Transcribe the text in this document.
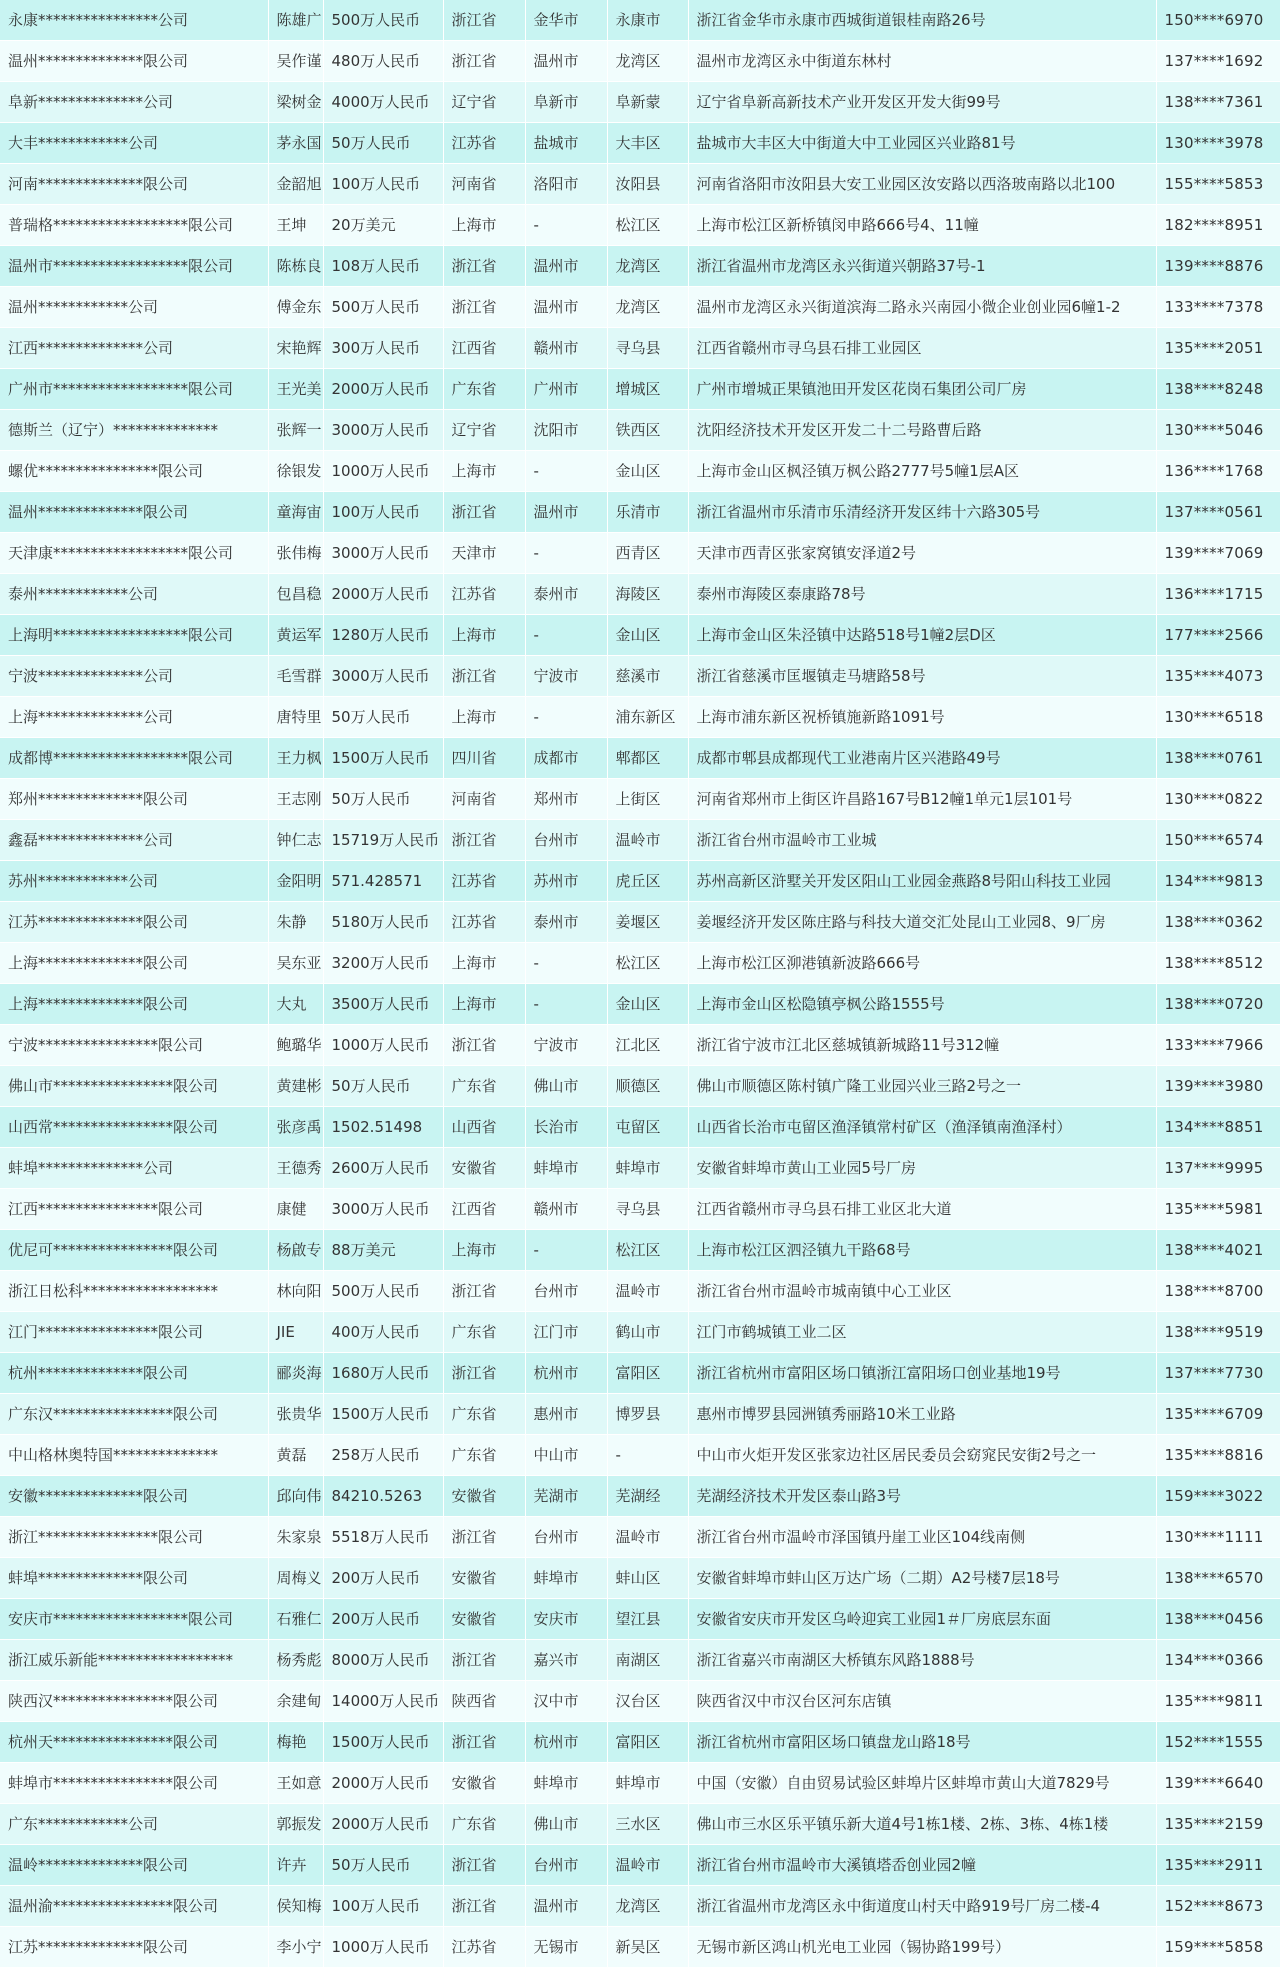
永康****************公司	陈雄广	500万人民币	浙江省	金华市	永康市	浙江省金华市永康市西城街道银桂南路26号	150****6970
温州**************限公司	吴作谨	480万人民币	浙江省	温州市	龙湾区	温州市龙湾区永中街道东林村	137****1692
阜新**************公司	梁树金	4000万人民币	辽宁省	阜新市	阜新蒙	辽宁省阜新高新技术产业开发区开发大街99号	138****7361
大丰************公司	茅永国	50万人民币	江苏省	盐城市	大丰区	盐城市大丰区大中街道大中工业园区兴业路81号	130****3978
河南**************限公司	金韶旭	100万人民币	河南省	洛阳市	汝阳县	河南省洛阳市汝阳县大安工业园区汝安路以西洛玻南路以北100	155****5853
普瑞格******************限公司	王坤	20万美元	上海市	-	松江区	上海市松江区新桥镇闵申路666号4、11幢	182****8951
温州市******************限公司	陈栋良	108万人民币	浙江省	温州市	龙湾区	浙江省温州市龙湾区永兴街道兴朝路37号-1	139****8876
温州************公司	傅金东	500万人民币	浙江省	温州市	龙湾区	温州市龙湾区永兴街道滨海二路永兴南园小微企业创业园6幢1-2	133****7378
江西**************公司	宋艳辉	300万人民币	江西省	赣州市	寻乌县	江西省赣州市寻乌县石排工业园区	135****2051
广州市******************限公司	王光美	2000万人民币	广东省	广州市	增城区	广州市增城正果镇池田开发区花岗石集团公司厂房	138****8248
德斯兰（辽宁）**************	张辉一	3000万人民币	辽宁省	沈阳市	铁西区	沈阳经济技术开发区开发二十二号路曹后路	130****5046
螺优****************限公司	徐银发	1000万人民币	上海市	-	金山区	上海市金山区枫泾镇万枫公路2777号5幢1层A区	136****1768
温州**************限公司	童海宙	100万人民币	浙江省	温州市	乐清市	浙江省温州市乐清市乐清经济开发区纬十六路305号	137****0561
天津康******************限公司	张伟梅	3000万人民币	天津市	-	西青区	天津市西青区张家窝镇安泽道2号	139****7069
泰州************公司	包昌稳	2000万人民币	江苏省	泰州市	海陵区	泰州市海陵区泰康路78号	136****1715
上海明******************限公司	黄运军	1280万人民币	上海市	-	金山区	上海市金山区朱泾镇中达路518号1幢2层D区	177****2566
宁波**************公司	毛雪群	3000万人民币	浙江省	宁波市	慈溪市	浙江省慈溪市匡堰镇走马塘路58号	135****4073
上海**************公司	唐特里	50万人民币	上海市	-	浦东新区	上海市浦东新区祝桥镇施新路1091号	130****6518
成都博******************限公司	王力枫	1500万人民币	四川省	成都市	郫都区	成都市郫县成都现代工业港南片区兴港路49号	138****0761
郑州**************限公司	王志刚	50万人民币	河南省	郑州市	上街区	河南省郑州市上街区许昌路167号B12幢1单元1层101号	130****0822
鑫磊**************公司	钟仁志	15719万人民币	浙江省	台州市	温岭市	浙江省台州市温岭市工业城	150****6574
苏州************公司	金阳明	571.428571	江苏省	苏州市	虎丘区	苏州高新区浒墅关开发区阳山工业园金燕路8号阳山科技工业园	134****9813
江苏**************限公司	朱静	5180万人民币	江苏省	泰州市	姜堰区	姜堰经济开发区陈庄路与科技大道交汇处昆山工业园8、9厂房	138****0362
上海**************限公司	吴东亚	3200万人民币	上海市	-	松江区	上海市松江区泖港镇新波路666号	138****8512
上海**************限公司	大丸	3500万人民币	上海市	-	金山区	上海市金山区松隐镇亭枫公路1555号	138****0720
宁波****************限公司	鲍璐华	1000万人民币	浙江省	宁波市	江北区	浙江省宁波市江北区慈城镇新城路11号312幢	133****7966
佛山市****************限公司	黄建彬	50万人民币	广东省	佛山市	顺德区	佛山市顺德区陈村镇广隆工业园兴业三路2号之一	139****3980
山西常****************限公司	张彦禹	1502.51498	山西省	长治市	屯留区	山西省长治市屯留区渔泽镇常村矿区（渔泽镇南渔泽村）	134****8851
蚌埠**************公司	王德秀	2600万人民币	安徽省	蚌埠市	蚌埠市	安徽省蚌埠市黄山工业园5号厂房	137****9995
江西****************限公司	康健	3000万人民币	江西省	赣州市	寻乌县	江西省赣州市寻乌县石排工业区北大道	135****5981
优尼可****************限公司	杨啟专	88万美元	上海市	-	松江区	上海市松江区泗泾镇九干路68号	138****4021
浙江日松科******************	林向阳	500万人民币	浙江省	台州市	温岭市	浙江省台州市温岭市城南镇中心工业区	138****8700
江门****************限公司	JIE	400万人民币	广东省	江门市	鹤山市	江门市鹤城镇工业二区	138****9519
杭州**************限公司	郦炎海	1680万人民币	浙江省	杭州市	富阳区	浙江省杭州市富阳区场口镇浙江富阳场口创业基地19号	137****7730
广东汉****************限公司	张贵华	1500万人民币	广东省	惠州市	博罗县	惠州市博罗县园洲镇秀丽路10米工业路	135****6709
中山格林奥特国**************	黄磊	258万人民币	广东省	中山市	-	中山市火炬开发区张家边社区居民委员会窈窕民安街2号之一	135****8816
安徽**************限公司	邱向伟	84210.5263	安徽省	芜湖市	芜湖经	芜湖经济技术开发区泰山路3号	159****3022
浙江****************限公司	朱家泉	5518万人民币	浙江省	台州市	温岭市	浙江省台州市温岭市泽国镇丹崖工业区104线南侧	130****1111
蚌埠**************限公司	周梅义	200万人民币	安徽省	蚌埠市	蚌山区	安徽省蚌埠市蚌山区万达广场（二期）A2号楼7层18号	138****6570
安庆市******************限公司	石雅仁	200万人民币	安徽省	安庆市	望江县	安徽省安庆市开发区乌岭迎宾工业园1＃厂房底层东面	138****0456
浙江威乐新能******************	杨秀彪	8000万人民币	浙江省	嘉兴市	南湖区	浙江省嘉兴市南湖区大桥镇东风路1888号	134****0366
陕西汉****************限公司	余建甸	14000万人民币	陕西省	汉中市	汉台区	陕西省汉中市汉台区河东店镇	135****9811
杭州天****************限公司	梅艳	1500万人民币	浙江省	杭州市	富阳区	浙江省杭州市富阳区场口镇盘龙山路18号	152****1555
蚌埠市****************限公司	王如意	2000万人民币	安徽省	蚌埠市	蚌埠市	中国（安徽）自由贸易试验区蚌埠片区蚌埠市黄山大道7829号	139****6640
广东************公司	郭振发	2000万人民币	广东省	佛山市	三水区	佛山市三水区乐平镇乐新大道4号1栋1楼、2栋、3栋、4栋1楼	135****2159
温岭**************限公司	许卉	50万人民币	浙江省	台州市	温岭市	浙江省台州市温岭市大溪镇塔岙创业园2幢	135****2911
温州渝****************限公司	侯知梅	100万人民币	浙江省	温州市	龙湾区	浙江省温州市龙湾区永中街道度山村天中路919号厂房二楼-4	152****8673
江苏**************限公司	李小宁	1000万人民币	江苏省	无锡市	新吴区	无锡市新区鸿山机光电工业园（锡协路199号）	159****5858
